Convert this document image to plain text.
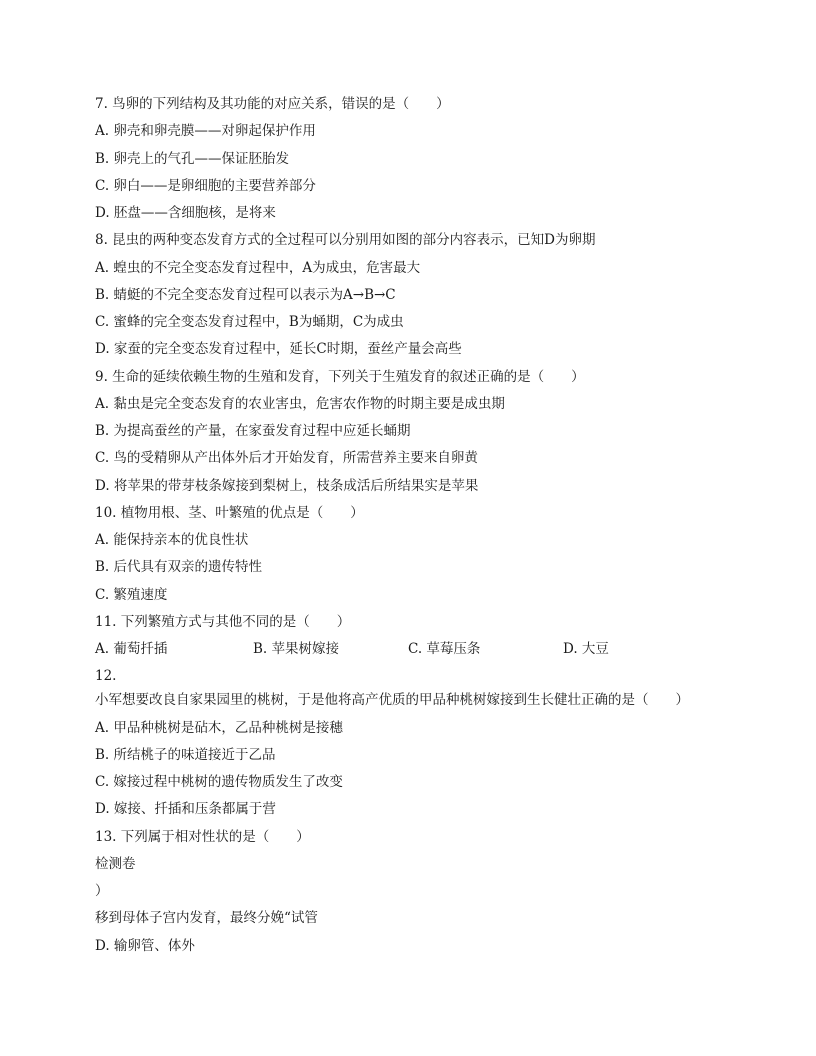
7. 鸟卵的下列结构及其功能的对应关系，错误的是（　　）
A. 卵壳和卵壳膜——对卵起保护作用
B. 卵壳上的气孔——保证胚胎发
C. 卵白——是卵细胞的主要营养部分
D. 胚盘——含细胞核，是将来
8. 昆虫的两种变态发育方式的全过程可以分别用如图的部分内容表示，已知D为卵期
A. 蝗虫的不完全变态发育过程中，A为成虫，危害最大
B. 蜻蜓的不完全变态发育过程可以表示为A→B→C
C. 蜜蜂的完全变态发育过程中，B为蛹期，C为成虫
D. 家蚕的完全变态发育过程中，延长C时期，蚕丝产量会高些
9. 生命的延续依赖生物的生殖和发育，下列关于生殖发育的叙述正确的是（　　）
A. 黏虫是完全变态发育的农业害虫，危害农作物的时期主要是成虫期
B. 为提高蚕丝的产量，在家蚕发育过程中应延长蛹期
C. 鸟的受精卵从产出体外后才开始发育，所需营养主要来自卵黄
D. 将苹果的带芽枝条嫁接到梨树上，枝条成活后所结果实是苹果
10. 植物用根、茎、叶繁殖的优点是（　　）
A. 能保持亲本的优良性状
B. 后代具有双亲的遗传特性
C. 繁殖速度
11. 下列繁殖方式与其他不同的是（　　）
A. 葡萄扦插	B. 苹果树嫁接	C. 草莓压条	D. 大豆
12.
小军想要改良自家果园里的桃树，于是他将高产优质的甲品种桃树嫁接到生长健壮正确的是（　　）
A. 甲品种桃树是砧木，乙品种桃树是接穗
B. 所结桃子的味道接近于乙品
C. 嫁接过程中桃树的遗传物质发生了改变
D. 嫁接、扦插和压条都属于营
13. 下列属于相对性状的是（　　）
检测卷
）
移到母体子宫内发育，最终分娩“试管
D. 输卵管、体外
